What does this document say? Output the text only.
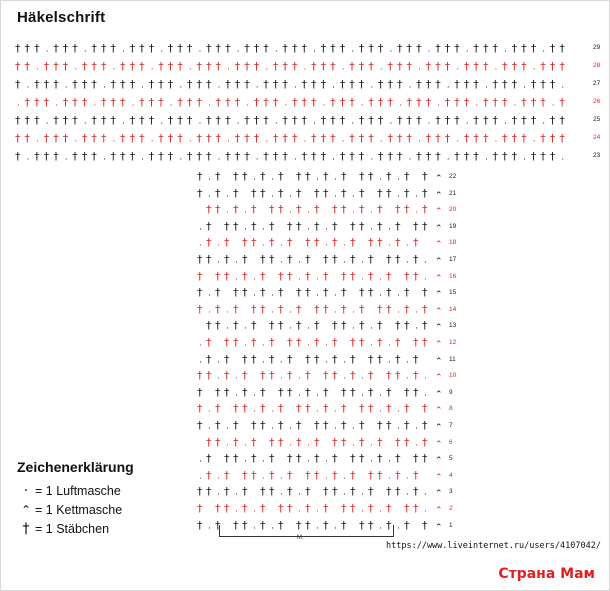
Häkelschrift
† † † · † † † · † † † · † † † · † † † · † † † · † † † · † † † · † † † · † † † · † † † · † † † · † † † · † † † · † †	29
† † · † † † · † † † · † † † · † † † · † † † · † † † · † † † · † † † · † † † · † † † · † † † · † † † · † † † · † † †	28
† · † † † · † † † · † † † · † † † · † † † · † † † · † † † · † † † · † † † · † † † · † † † · † † † · † † † · † † † ·	27
· † † † · † † † · † † † · † † † · † † † · † † † · † † † · † † † · † † † · † † † · † † † · † † † · † † † · † † † · †	26
† † † · † † † · † † † · † † † · † † † · † † † · † † † · † † † · † † † · † † † · † † † · † † † · † † † · † † † · † †	25
† † · † † † · † † † · † † † · † † † · † † † · † † † · † † † · † † † · † † † · † † † · † † † · † † † · † † † · † † †	24
† · † † † · † † † · † † † · † † † · † † † · † † † · † † † · † † † · † † † · † † † · † † † · † † † · † † † · † † † ·	23
† · † † † · † · † † † · † · † † † · † · † † ⌃ 22
† · † · † † † · † · † † † · † · † † † · † · † ⌃ 21
† † · † · † † † · † · † † † · † · † † † · † ⌃ 20
· † † † · † · † † † · † · † † † · † · † † † ⌃ 19
· † · † † † · † · † † † · † · † † † · † · † ⌃ 18
† † · † · † † † · † · † † † · † · † † † · † · ⌃ 17
† † † · † · † † † · † · † † † · † · † † † · ⌃ 16
† · † † † · † · † † † · † · † † † · † · † † ⌃ 15
† · † · † † † · † · † † † · † · † † † · † · † ⌃ 14
† † · † · † † † · † · † † † · † · † † † · † ⌃ 13
· † † † · † · † † † · † · † † † · † · † † † ⌃ 12
· † · † † † · † · † † † · † · † † † · † · † ⌃ 11
† † · † · † † † · † · † † † · † · † † † · † · ⌃ 10
† † † · † · † † † · † · † † † · † · † † † · ⌃ 9
† · † † † · † · † † † · † · † † † · † · † † ⌃ 8
† · † · † † † · † · † † † · † · † † † · † · † ⌃ 7
† † · † · † † † · † · † † † · † · † † † · † ⌃ 6
· † † † · † · † † † · † · † † † · † · † † † ⌃ 5
· † · † † † · † · † † † · † · † † † · † · † ⌃ 4
† † · † · † † † · † · † † † · † · † † † · † · ⌃ 3
† † † · † · † † † · † · † † † · † · † † † · ⌃ 2
† · † † † · † · † † † · † · † † † · † · † † ⌃ 1
M.
Zeichenerklärung
· = 1 Luftmasche
⌃ = 1 Kettmasche
† = 1 Stäbchen
https://www.liveinternet.ru/users/4107042/
Страна Мам
